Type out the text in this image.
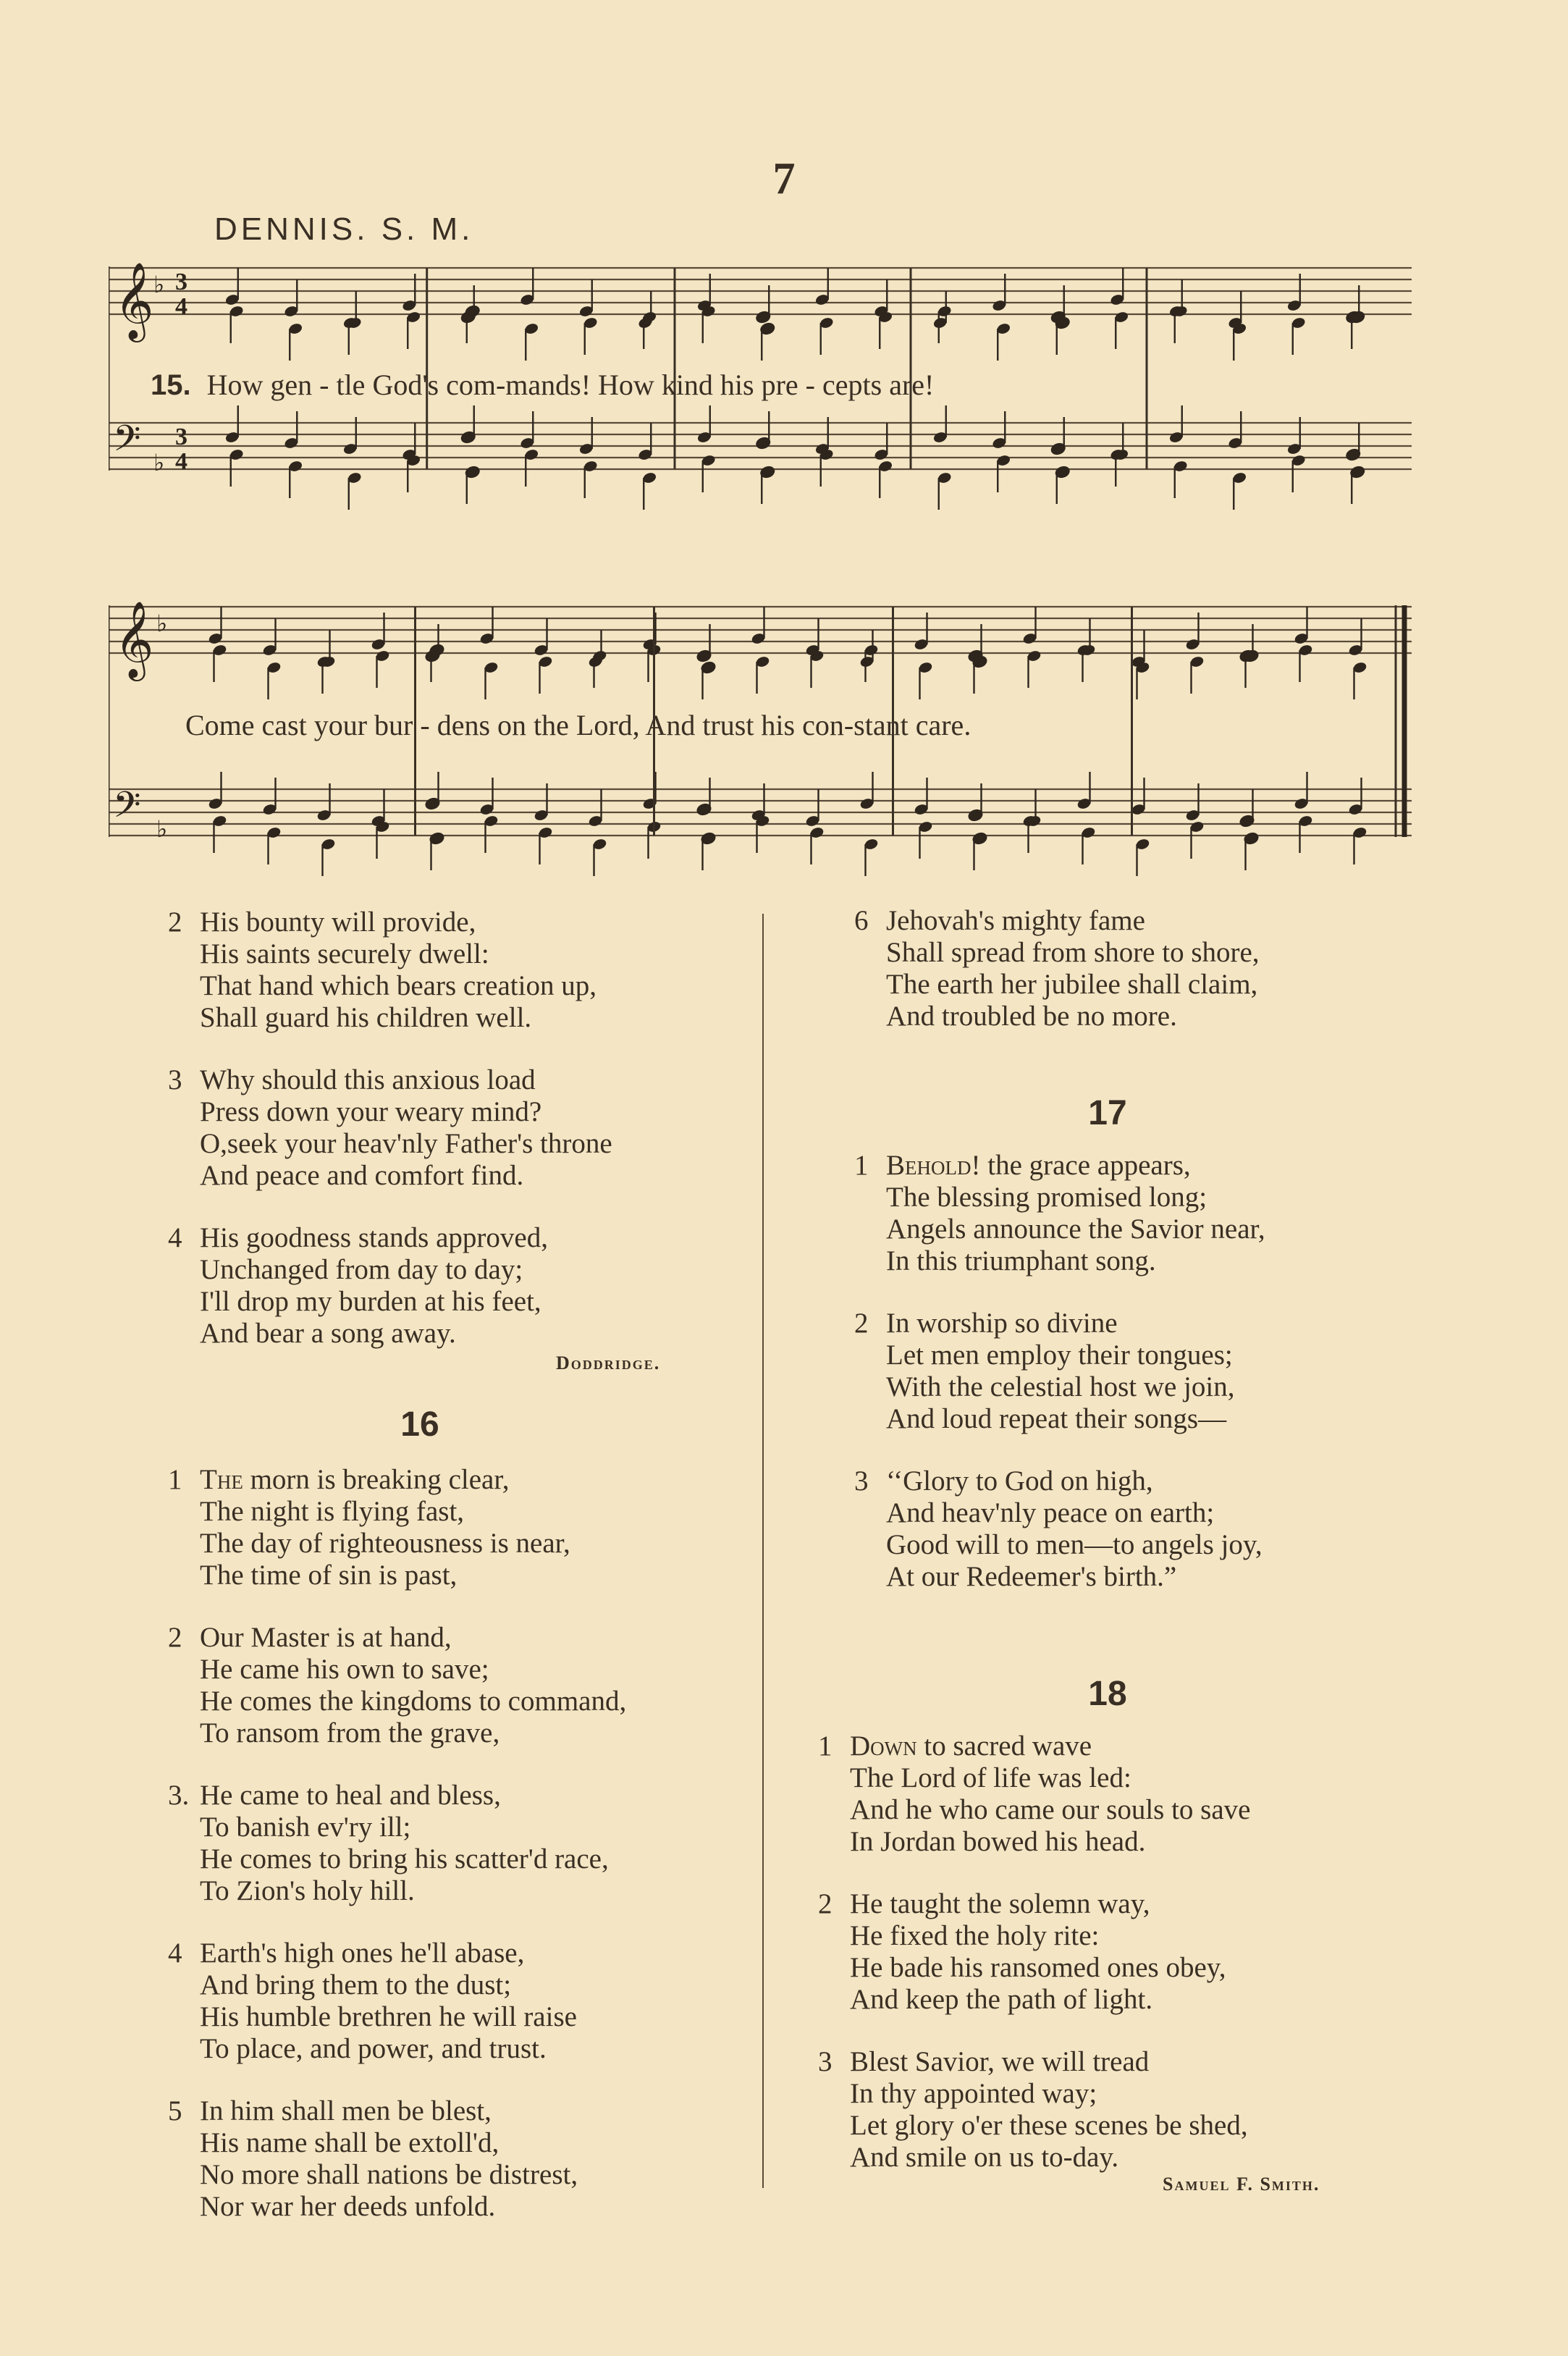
7
DENNIS. S. M.
𝄞 ♭ 3
4
𝄢 ♭
3
4
15. How gen - tle God's com-mands! How kind his pre - cepts are!
𝄞 ♭
𝄢 ♭
Come cast your bur - dens on the Lord, And trust his con-stant care.
2 His bounty will provide,
His saints securely dwell:
That hand which bears creation up,
Shall guard his children well.
3 Why should this anxious load
Press down your weary mind?
O,seek your heav'nly Father's throne
And peace and comfort find.
4 His goodness stands approved,
Unchanged from day to day;
I'll drop my burden at his feet,
And bear a song away.
Doddridge.
16
1 The morn is breaking clear,
The night is flying fast,
The day of righteousness is near,
The time of sin is past,
2 Our Master is at hand,
He came his own to save;
He comes the kingdoms to command,
To ransom from the grave,
3. He came to heal and bless,
To banish ev'ry ill;
He comes to bring his scatter'd race,
To Zion's holy hill.
4 Earth's high ones he'll abase,
And bring them to the dust;
His humble brethren he will raise
To place, and power, and trust.
5 In him shall men be blest,
His name shall be extoll'd,
No more shall nations be distrest,
Nor war her deeds unfold.
6 Jehovah's mighty fame
Shall spread from shore to shore,
The earth her jubilee shall claim,
And troubled be no more.
17
1 Behold! the grace appears,
The blessing promised long;
Angels announce the Savior near,
In this triumphant song.
2 In worship so divine
Let men employ their tongues;
With the celestial host we join,
And loud repeat their songs—
3 ‘‘Glory to God on high,
And heav'nly peace on earth;
Good will to men—to angels joy,
At our Redeemer's birth.”
18
1 Down to sacred wave
The Lord of life was led:
And he who came our souls to save
In Jordan bowed his head.
2 He taught the solemn way,
He fixed the holy rite:
He bade his ransomed ones obey,
And keep the path of light.
3 Blest Savior, we will tread
In thy appointed way;
Let glory o'er these scenes be shed,
And smile on us to-day.
Samuel F. Smith.
